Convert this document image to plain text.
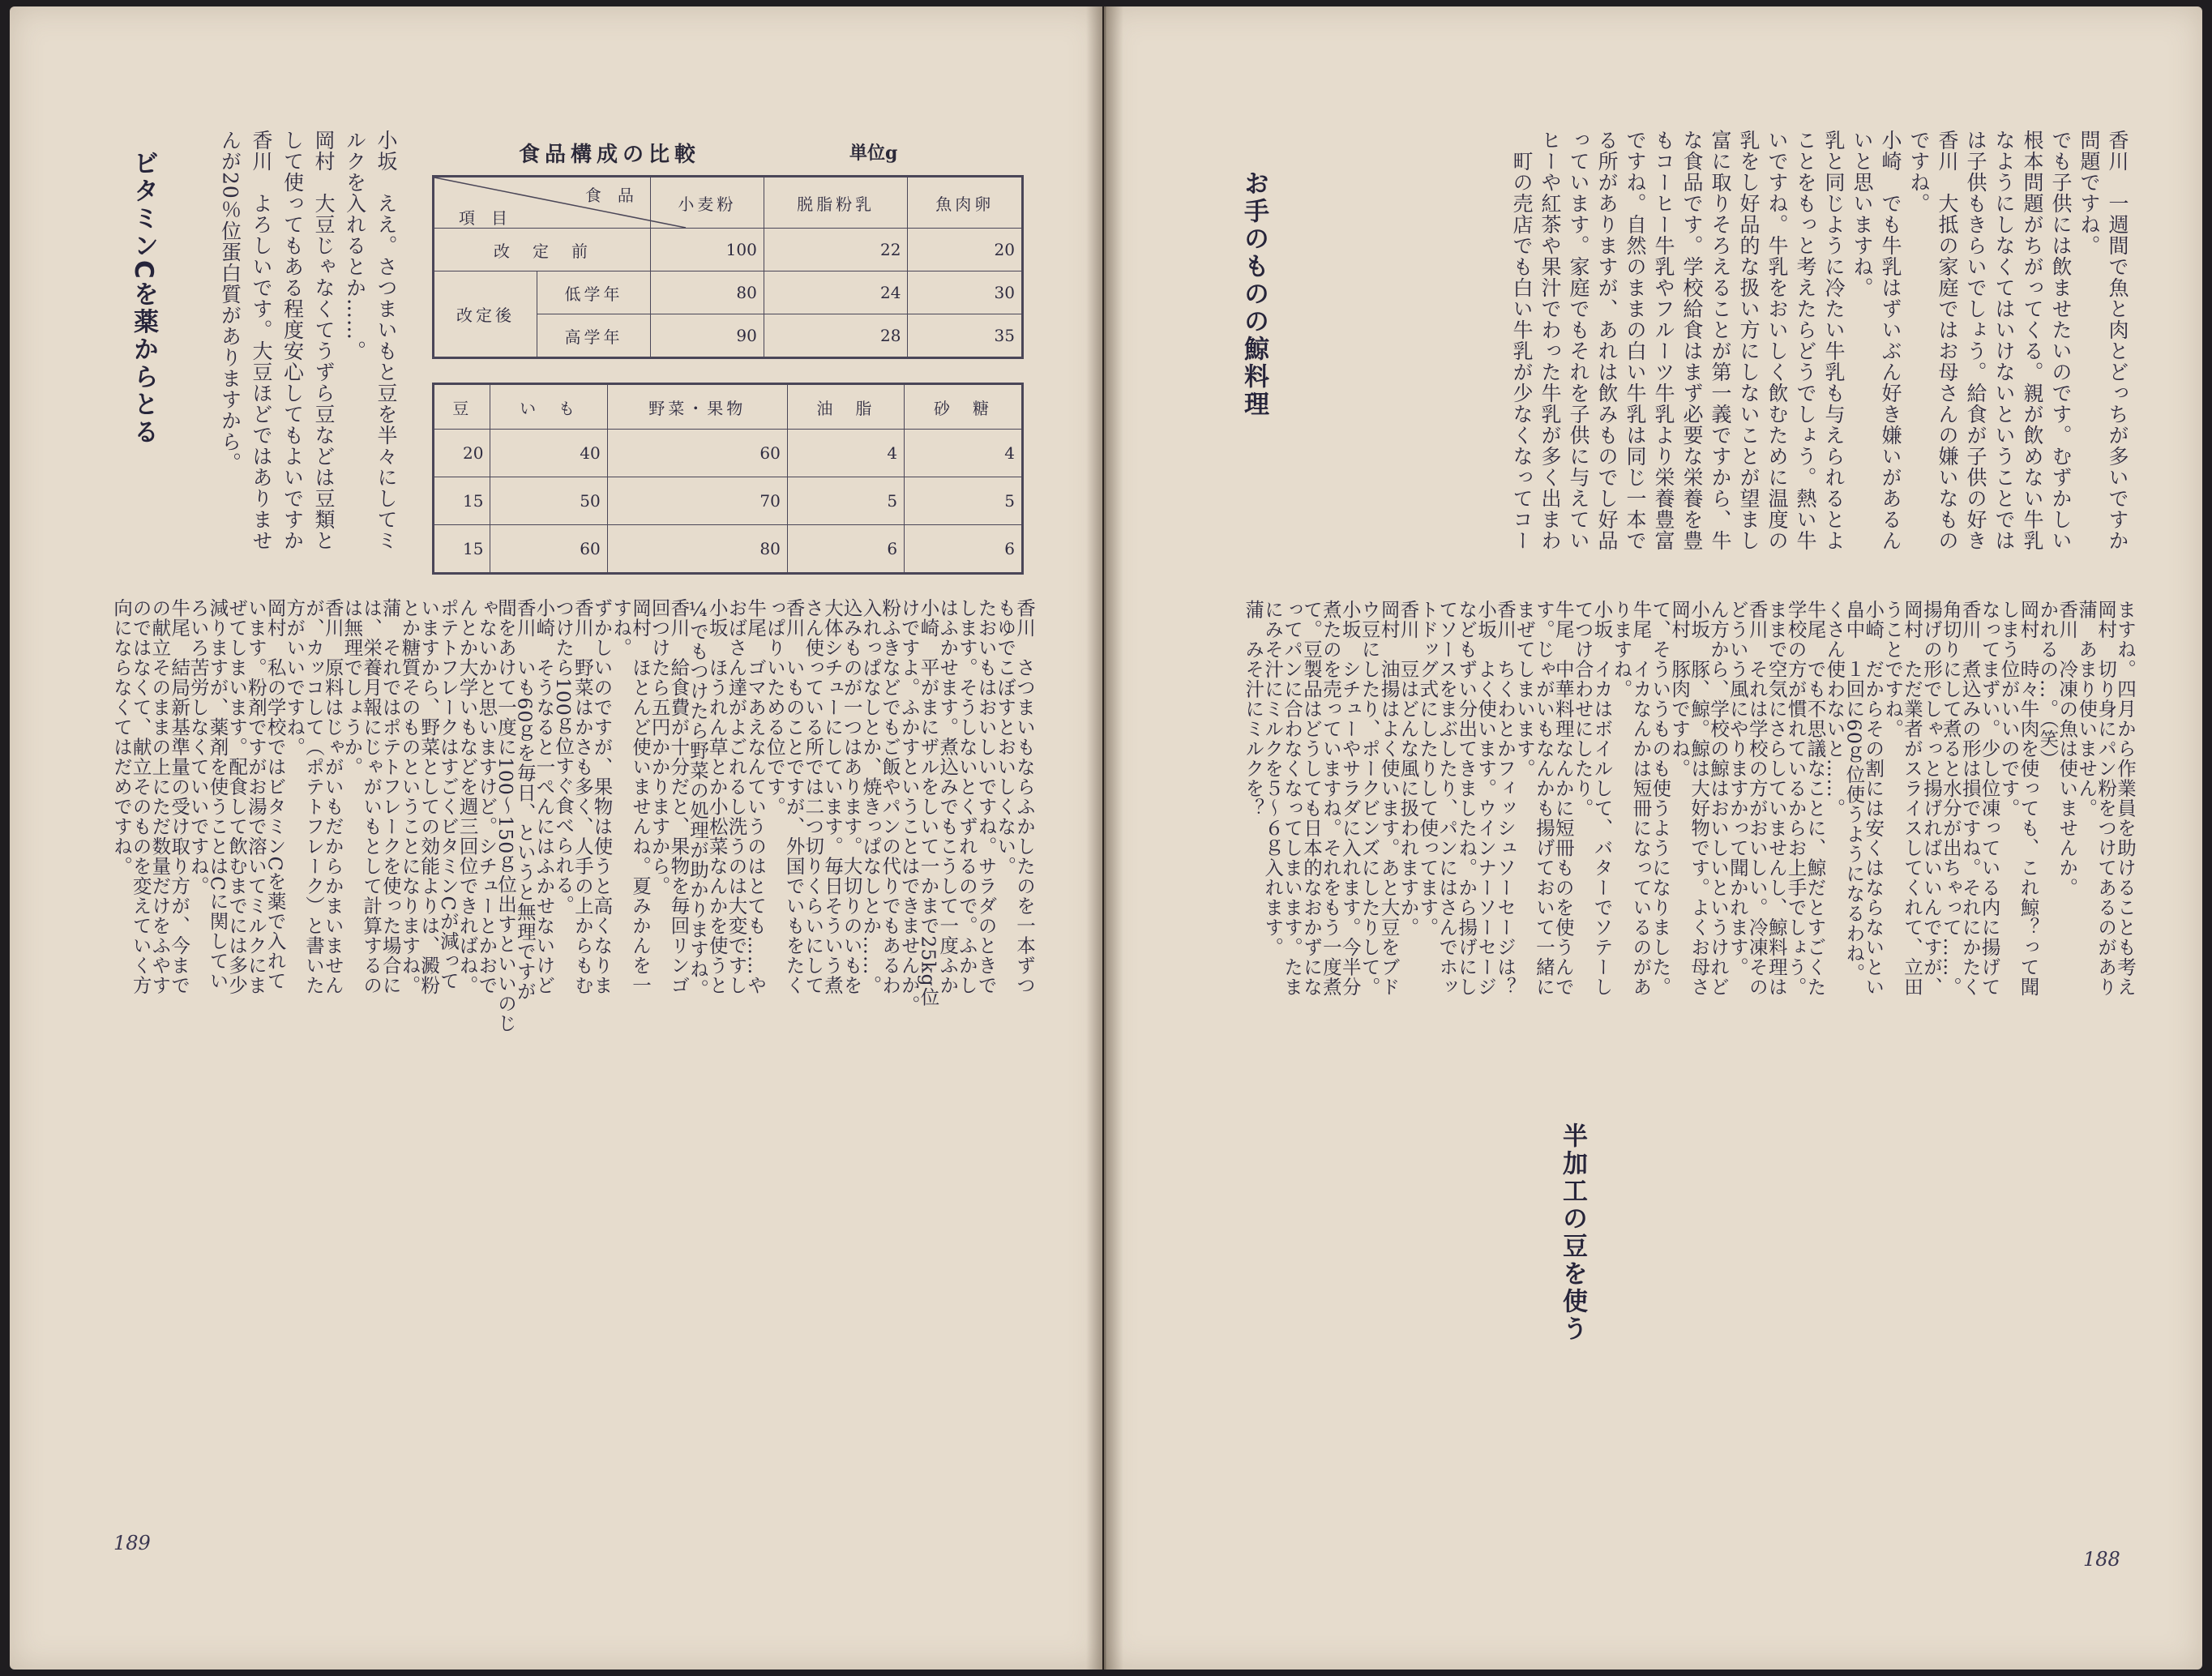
小坂　ええ。さつまいもと豆を半々にしてミ
ルクを入れるとか……。
岡村　大豆じゃなくてうずら豆などは豆類と
して使ってもある程度安心してもよいですか
香川　よろしいです。大豆ほどではありませ
んが20％位蛋白質がありますから。
ビタミンCを薬からとる	食品構成の比較	単位g
項　目
食　品		小麦粉	脱脂粉乳	魚肉卵
改　定　前		100	22	20
改定後	低学年	80	24	30
	高学年	90	28	35
豆	い　も	野菜・果物	油　脂	砂　糖
20	40	60	4	4
15	50	70	5	5
15	60	80	6	6
香川　さつまいもならふかしたのを一本ずつ
もゆでこぼすとおいしくない。
たおいもはおいしいですね。サラダのときで
します。そうしないとくずれるので。ふかし
はふかせます。煮込みでもこうして一度ふか
小崎　平がまにザルをしいて一かまで25kg位
けですよ。ふかすということはできませんか。
粉ふきなどでもご飯やパンの代りでもあるわ
入れっぱなしとか、焼きっぱなしとか……。
込みものが一つはあります。大切りのいもを
大体シチューにしています。毎日そういう煮
さん使っている所では二つ切りくらいにして
香川　いものことですが、外国でいもをたく
っぱりいためる位です。
牛尾　ゴマあえなんていうのはとても……や
おばさん達がよごれるし洗うのは大変ですし
小坂　ほうれん草とか小松菜なんかを使うと
¼でもつけたら野菜の処理が助かりますね。
香川　給食費が十分だと、果物を毎回リンゴ
回つけたら五円かかりますから。
岡村　ほとんど使いませんね。夏みかんを一
すね。
ずかしいのですが、果物は使うと高くなりま
香川　野菜はかさも多く、人手の上からもむ
つけたら100ｇ位すぐ食べられる。
小崎　そうなると一ぺんにはふかせないけど
香川　いも60ｇを毎日、というと無理ですが
間をあけて一度に100～150ｇ位出すといいのじ
ゃないかと思いますけど。シチューとかおで
んとか大学いもなどを週三回位できればね。
ポテトフレークはすごくビタミンCが減って
いますから、野菜としての効能よりは、澱粉
とか糖質そのものということになりますね。
蒲　それではポテトフレークを使った場合に
は、栄養月報にじゃがいもとして計算するの
は無理でしょうか。
香川　原料はじゃがいもだからかまいません
が、カッコして（ポテトフレーク）と書いた
方がいいですね。
岡村　私の学校ではビタミンCを薬で入れて
います。粉剤ですがお湯で溶いてミルクにま
ぜてしまいます。配食して飲むまでには多少
減りますが、薬剤を使うことはCに関してい
ろいろ苦労しなくていいですね。
牛尾　結局新基準量の受け取り方が、今まで
の献立そのままの上にただ数量だけをふやす
のではなくて、献立そのものを変えていく方
向にならなくてはだめですね。
189
香川　一週間で魚と肉とどっちが多いですか
問題ですね。
でも子供には飲ませたいのです。むずかしい
根本問題がちがってくる。親が飲めない牛乳
なようにしなくてはいけないということでは
は子供もきらいでしょう。給食が子供の好き
香川　大抵の家庭ではお母さんの嫌いなもの
ですね。
小崎　でも牛乳はずいぶん好き嫌いがあるん
いと思いますね。
乳と同じように冷たい牛乳も与えられるとよ
ことをもっと考えたらどうでしょう。熱い牛
いですね。牛乳をおいしく飲むために温度の
乳をし好品的な扱い方にしないことが望まし
富に取りそろえることが第一義ですから、牛
な食品です。学校給食はまず必要な栄養を豊
もコーヒー牛乳やフルーツ牛乳より栄養豊富
ですね。自然のままの白い牛乳は同じ一本で
る所がありますが、あれは飲みものでし好品
っています。家庭でもそれを子供に与えてい
ヒーや紅茶や果汁でわった牛乳が多く出まわ
　町の売店でも白い牛乳が少なくなってコー
お手のものの鯨料理
ますね。四月から作業員を助けることも考え
岡村　切り身にパン粉をつけてあるのがあり
蒲　あまり使いません。
香川　冷凍の魚は使いませんか。
かれるの…。（笑）
岡村　時々牛肉を使っても、これ鯨？って聞
しまう位がいいのです。
なってまずい。少し位凍っている内に揚げて
香川　煮込みの形は損ですね。それにかたく
角切りにして煮ると水分が出ちゃって……。
揚げの形でしゃっと揚げればいいんですが、
岡村　ただ業者がスライスしてくれて、立田
うことですね。
小崎　だからその割には安くはならないとい
畠中　１回に60ｇ位使うようになるわね。
くさん使わないと……。
牛尾　でも不思議なことに、鯨だとすごくた
学校の方が慣れているからお上手でしょう。
ままで空気にさらしていませんし、鯨料理は
香川　それは学校の方がおいしい。冷凍その
どういう風にやりますかって聞かれます。
ん方から、学校の鯨はおいしいというけれど
小坂　豚、鯨。鯨は大好物です。よくお母さ
岡村　豚肉ですね。
て、そういうものも使うようになりました。
牛尾　イカなんかは短冊になっているのがあ
りますね。
小坂　イカはボイルして、バターでソテーし
てつけ合わせにしたり。
牛尾　中華料理なんかに短冊ものを使うんで
す。じゃがいもなんかも揚げておいて一緒に
まぜてしまいます。
香川　ちくわとかフィッシュソーセージは？
小坂　よく使います。ウインナーソーセージ
などもずい分出てきましたね。から揚げにし
てソースをまぶしたり、パンにはさんでホッ
トドッグ式にしたりして使ってます。
香川　豆はどんな風に扱われますか。
岡村　油揚はよく使います。あと大豆をブド
ウ豆にしたり、ポークビンズにしたりして。
小坂　シチューやサラダに入れます。今半分
煮たのを売っていますね。それをもう一度煮
て。豆製品はどうしても日本的なおかずにな
ってパンに合わなくなってしまいます。たま
にみそ汁にミルクを５～６ｇ入れます。
蒲　みそ汁にミルクを？
半加工の豆を使う
188
